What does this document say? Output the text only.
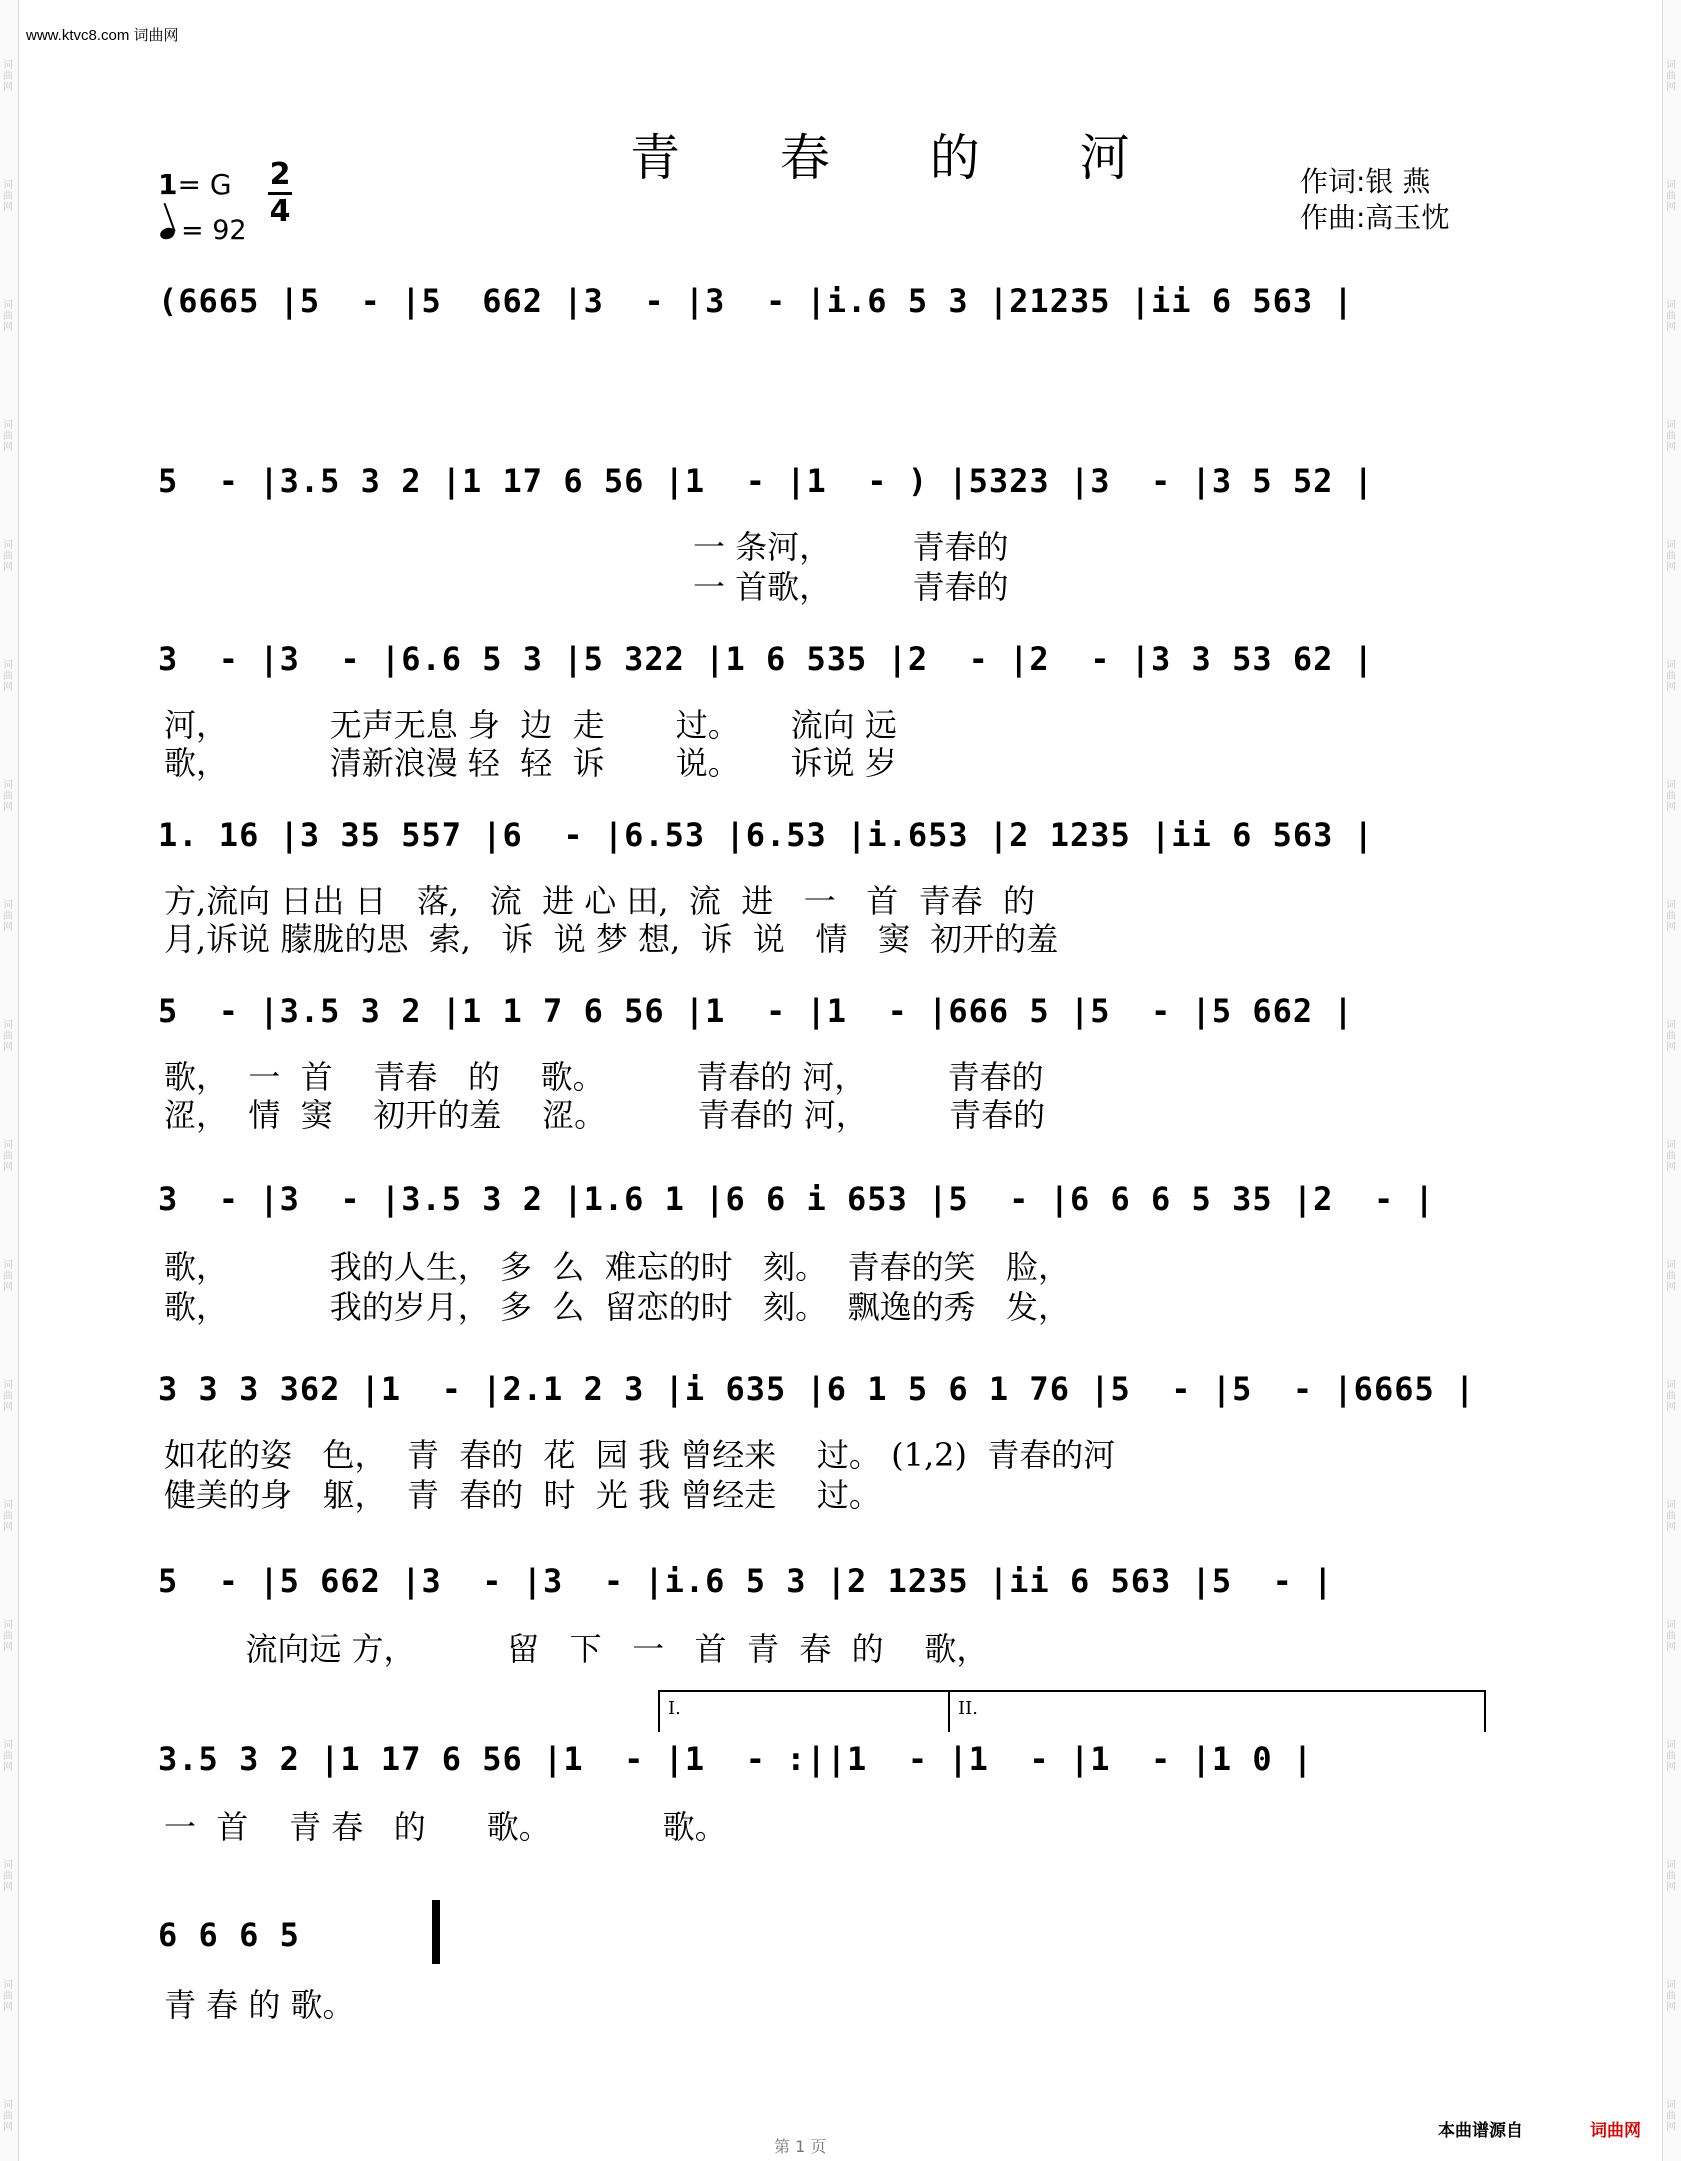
词
曲
网
词
曲
网
词
曲
网
词
曲
网
词
曲
网
词
曲
网
词
曲
网
词
曲
网
词
曲
网
词
曲
网
词
曲
网
词
曲
网
词
曲
网
词
曲
网
词
曲
网
词
曲
网
词
曲
网
词
曲
网
词
曲
网
词
曲
网
词
曲
网
词
曲
网
词
曲
网
词
曲
网
词
曲
网
词
曲
网
词
曲
网
词
曲
网
词
曲
网
词
曲
网
词
曲
网
词
曲
网
词
曲
网
词
曲
网
词
曲
网
词
曲
网
www.ktvc8.com 词曲网
青 春 的 河	作词:银 燕
作曲:高玉忱
1= G
= 92
2
4
(6665 |5  - |5  662 |3  - |3  - |i.6 5 3 |21235 |ii 6 563 |
5  - |3.5 3 2 |1 17 6 56 |1  - |1  - ) |5323 |3  - |3 5 52 |
一 条河，        青春的
一 首歌，        青春的
3  - |3  - |6.6 5 3 |5 322 |1 6 535 |2  - |2  - |3 3 53 62 |
河，          无声无息 身  边  走       过。     流向 远
歌，          清新浪漫 轻  轻  诉       说。     诉说 岁
1. 16 |3 35 557 |6  - |6.53 |6.53 |i.653 |2 1235 |ii 6 563 |
方,流向 日出 日   落,   流  进 心 田,  流  进   一   首  青春  的
月,诉说 朦胧的思  索,   诉  说 梦 想,  诉  说   情   窦  初开的羞
5  - |3.5 3 2 |1 1 7 6 56 |1  - |1  - |666 5 |5  - |5 662 |
歌，  一  首    青春   的    歌。         青春的 河，        青春的
涩，  情  窦    初开的羞    涩。         青春的 河，        青春的
3  - |3  - |3.5 3 2 |1.6 1 |6 6 i 653 |5  - |6 6 6 5 35 |2  - |
歌，          我的人生， 多  么  难忘的时   刻。  青春的笑   脸，
歌，          我的岁月， 多  么  留恋的时   刻。  飘逸的秀   发，
3 3 3 362 |1  - |2.1 2 3 |i 635 |6 1 5 6 1 76 |5  - |5  - |6665 |
如花的姿   色，  青  春的  花  园 我 曾经来    过。 (1,2)  青春的河
健美的身   躯，  青  春的  时  光 我 曾经走    过。
5  - |5 662 |3  - |3  - |i.6 5 3 |2 1235 |ii 6 563 |5  - |
流向远 方，         留   下   一   首  青  春  的    歌，
I.	II.
3.5 3 2 |1 17 6 56 |1  - |1  - :||1  - |1  - |1  - |1 0 |
一  首    青 春   的      歌。           歌。
6 6 6 5
青 春 的 歌。
本曲谱源自	词曲网
第 1 页
